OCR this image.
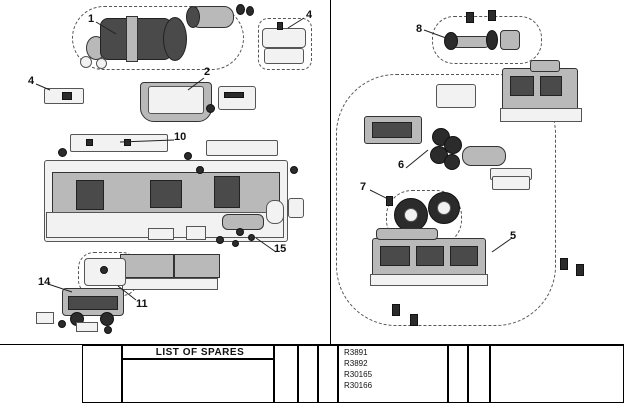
1	4
8
2
4
10
6
7
5
15
14
11
LIST OF SPARES	R3891
R3892
R30165
R30166
